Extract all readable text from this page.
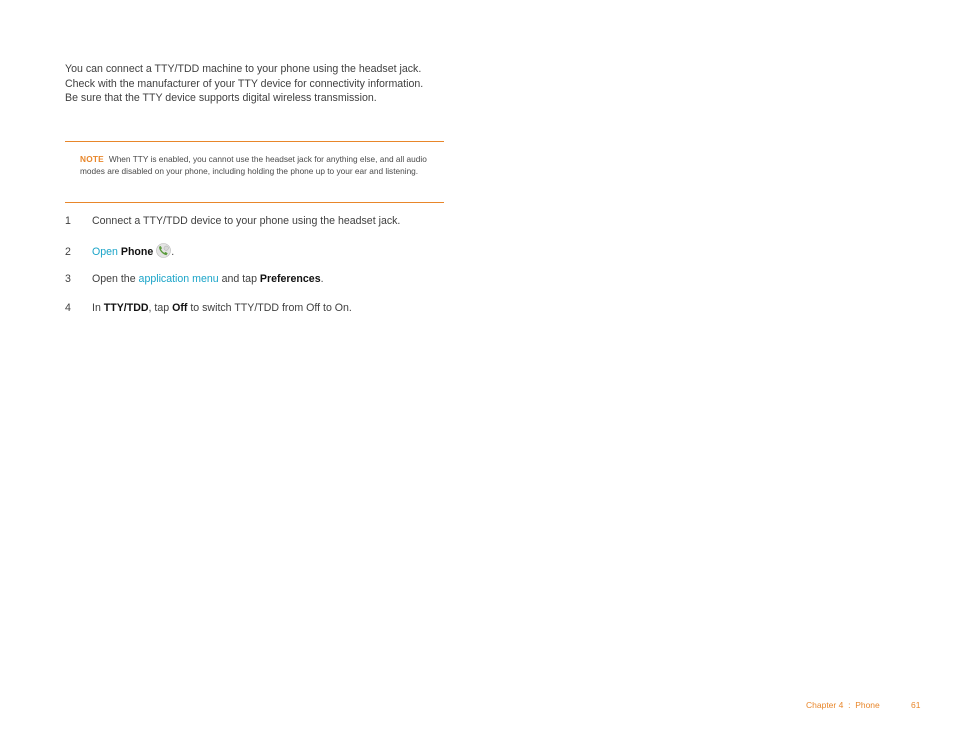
You can connect a TTY/TDD machine to your phone using the headset jack. Check with the manufacturer of your TTY device for connectivity information. Be sure that the TTY device supports digital wireless transmission.

NOTE When TTY is enabled, you cannot use the headset jack for anything else, and all audio modes are disabled on your phone, including holding the phone up to your ear and listening.

1 Connect a TTY/TDD device to your phone using the headset jack.
2 Open Phone .
3 Open the application menu and tap Preferences.
4 In TTY/TDD, tap Off to switch TTY/TDD from Off to On.
Chapter 4 : Phone	61
